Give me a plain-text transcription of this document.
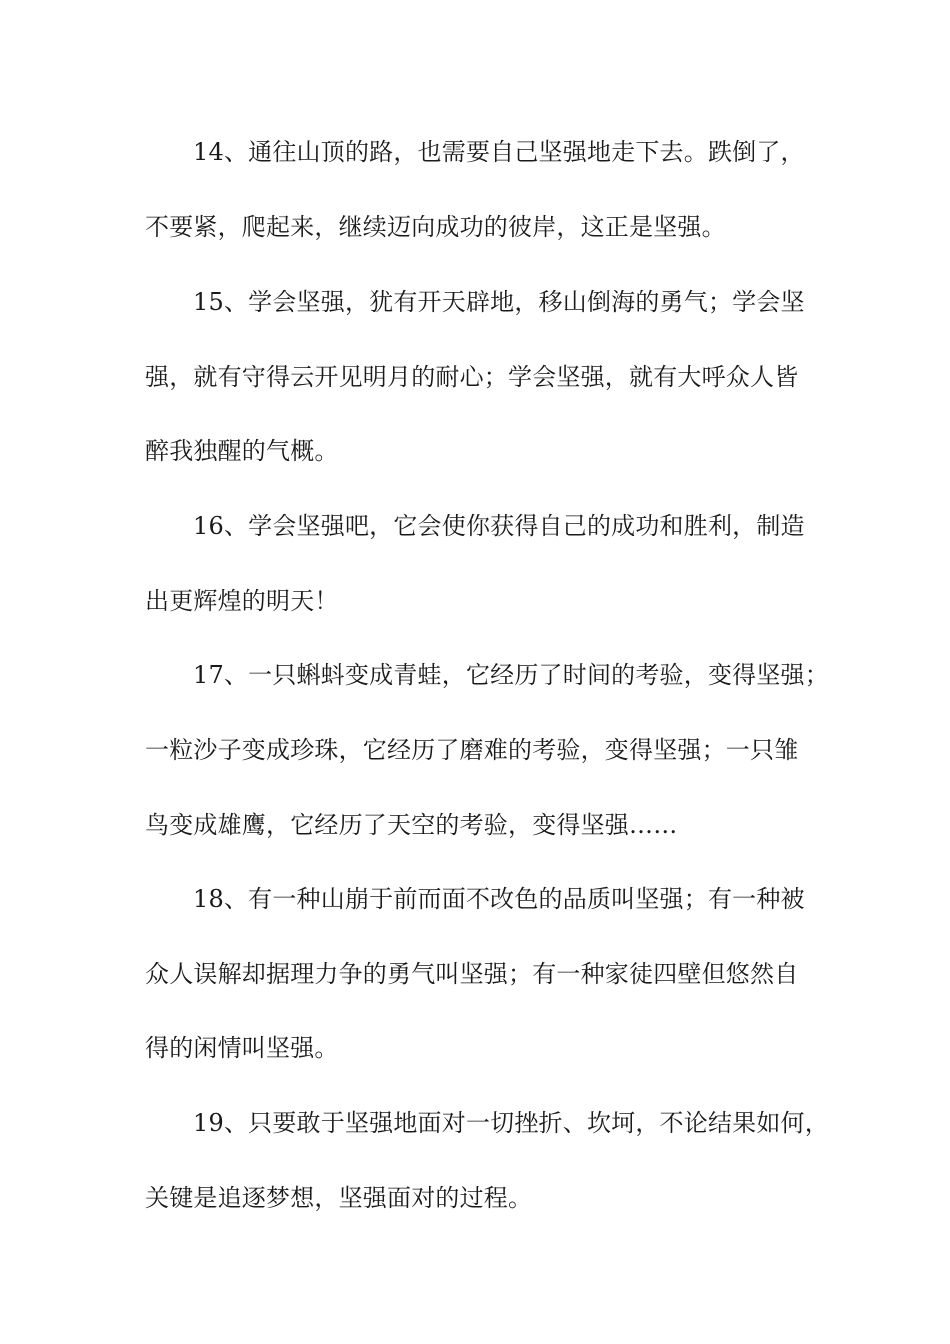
14、通往山顶的路，也需要自己坚强地走下去。跌倒了，
不要紧，爬起来，继续迈向成功的彼岸，这正是坚强。
15、学会坚强，犹有开天辟地，移山倒海的勇气；学会坚
强，就有守得云开见明月的耐心；学会坚强，就有大呼众人皆
醉我独醒的气概。
16、学会坚强吧，它会使你获得自己的成功和胜利，制造
出更辉煌的明天！
17、一只蝌蚪变成青蛙，它经历了时间的考验，变得坚强；
一粒沙子变成珍珠，它经历了磨难的考验，变得坚强；一只雏
鸟变成雄鹰，它经历了天空的考验，变得坚强……
18、有一种山崩于前而面不改色的品质叫坚强；有一种被
众人误解却据理力争的勇气叫坚强；有一种家徒四壁但悠然自
得的闲情叫坚强。
19、只要敢于坚强地面对一切挫折、坎坷，不论结果如何，
关键是追逐梦想，坚强面对的过程。
